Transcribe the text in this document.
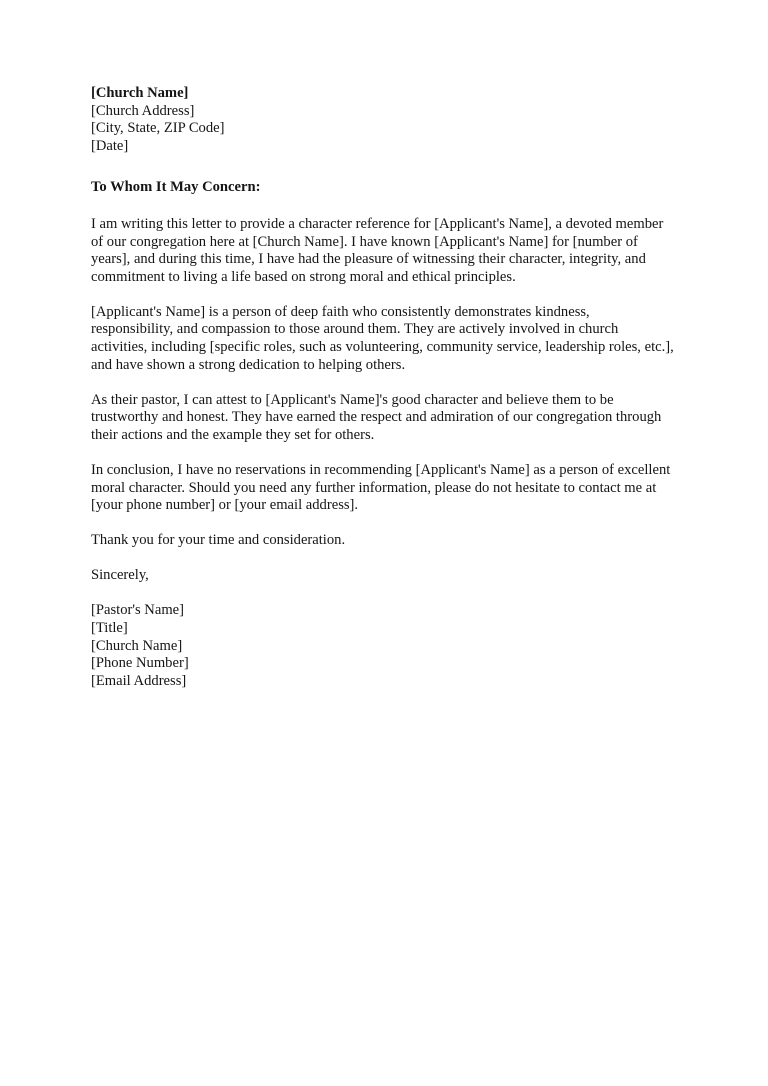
[Church Name]
[Church Address]
[City, State, ZIP Code]
[Date]
To Whom It May Concern:

I am writing this letter to provide a character reference for [Applicant's Name], a devoted member of our congregation here at [Church Name]. I have known [Applicant's Name] for [number of years], and during this time, I have had the pleasure of witnessing their character, integrity, and commitment to living a life based on strong moral and ethical principles.

[Applicant's Name] is a person of deep faith who consistently demonstrates kindness, responsibility, and compassion to those around them. They are actively involved in church activities, including [specific roles, such as volunteering, community service, leadership roles, etc.], and have shown a strong dedication to helping others.

As their pastor, I can attest to [Applicant's Name]'s good character and believe them to be trustworthy and honest. They have earned the respect and admiration of our congregation through their actions and the example they set for others.

In conclusion, I have no reservations in recommending [Applicant's Name] as a person of excellent moral character. Should you need any further information, please do not hesitate to contact me at [your phone number] or [your email address].

Thank you for your time and consideration.

Sincerely,

[Pastor's Name]
[Title]
[Church Name]
[Phone Number]
[Email Address]
